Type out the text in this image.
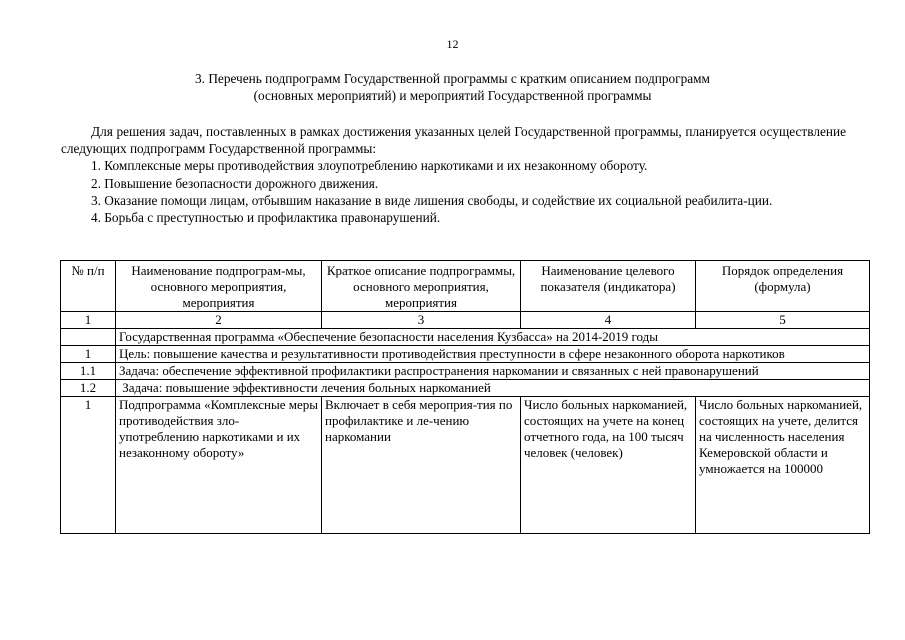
12
3. Перечень подпрограмм Государственной программы с кратким описанием подпрограмм
(основных мероприятий) и мероприятий Государственной программы
Для решения задач, поставленных в рамках достижения указанных целей Государственной программы, планируется осуществление следующих подпрограмм Государственной программы:
1. Комплексные меры противодействия злоупотреблению наркотиками и их незаконному обороту.
2. Повышение безопасности дорожного движения.
3. Оказание помощи лицам, отбывшим наказание в виде лишения свободы, и содействие их социальной реабилита-ции.
4. Борьба с преступностью и профилактика правонарушений.
№ п/п	Наименование подпрограм-мы, основного мероприятия, мероприятия	Краткое описание подпрограммы, основного мероприятия, мероприятия	Наименование целевого показателя (индикатора)	Порядок определения (формула)
1	2	3	4	5
	Государственная программа «Обеспечение безопасности населения Кузбасса» на 2014-2019 годы			
1	Цель: повышение качества и результативности противодействия преступности в сфере незаконного оборота наркотиков			
1.1	Задача: обеспечение эффективной профилактики распространения наркомании и связанных с ней правонарушений			
1.2	Задача: повышение эффективности лечения больных наркоманией			
1	Подпрограмма «Комплексные меры противодействия зло-употреблению наркотиками и их незаконному обороту»	Включает в себя мероприя-тия по профилактике и ле-чению наркомании	Число больных наркоманией, состоящих на учете на конец отчетного года, на 100 тысяч человек (человек)	Число больных наркоманией, состоящих на учете, делится на численность населения Кемеровской области и умножается на 100000
